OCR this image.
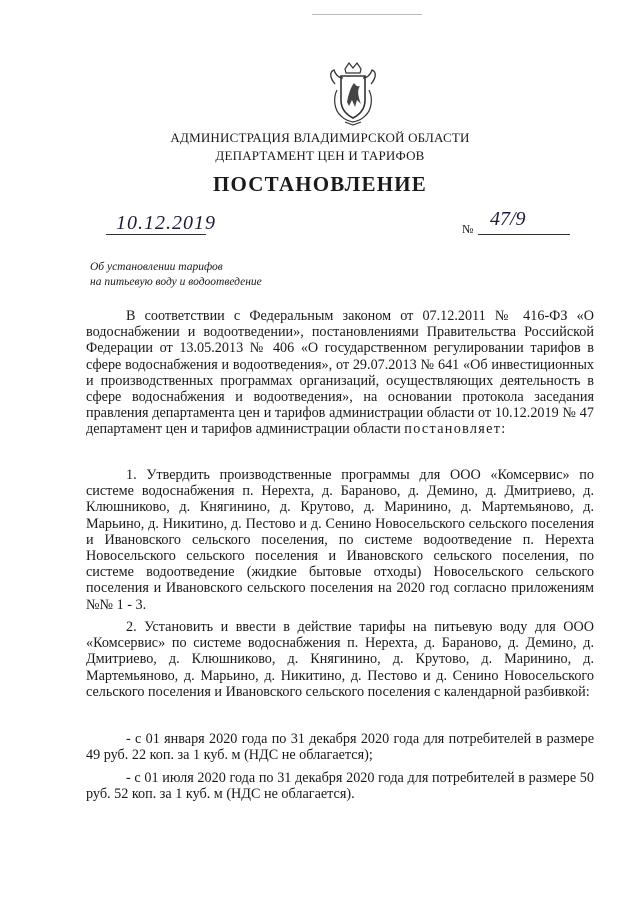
АДМИНИСТРАЦИЯ ВЛАДИМИРСКОЙ ОБЛАСТИ
ДЕПАРТАМЕНТ ЦЕН И ТАРИФОВ
ПОСТАНОВЛЕНИЕ
10.12.2019	№ 47/9
Об установлении тарифов
на питьевую воду и водоотведение
В соответствии с Федеральным законом от 07.12.2011 № 416-ФЗ «О водоснабжении и водоотведении», постановлениями Правительства Российской Федерации от 13.05.2013 № 406 «О государственном регулировании тарифов в сфере водоснабжения и водоотведения», от 29.07.2013 № 641 «Об инвестиционных и производственных программах организаций, осуществляющих деятельность в сфере водоснабжения и водоотведения», на основании протокола заседания правления департамента цен и тарифов администрации области от 10.12.2019 № 47 департамент цен и тарифов администрации области постановляет:
1. Утвердить производственные программы для ООО «Комсервис» по системе водоснабжения п. Нерехта, д. Бараново, д. Демино, д. Дмитриево, д. Клюшниково, д. Княгинино, д. Крутово, д. Маринино, д. Мартемьяново, д. Марьино, д. Никитино, д. Пестово и д. Сенино Новосельского сельского поселения и Ивановского сельского поселения, по системе водоотведение п. Нерехта Новосельского сельского поселения и Ивановского сельского поселения, по системе водоотведение (жидкие бытовые отходы) Новосельского сельского поселения и Ивановского сельского поселения на 2020 год согласно приложениям №№ 1 - 3.
2. Установить и ввести в действие тарифы на питьевую воду для ООО «Комсервис» по системе водоснабжения п. Нерехта, д. Бараново, д. Демино, д. Дмитриево, д. Клюшниково, д. Княгинино, д. Крутово, д. Маринино, д. Мартемьяново, д. Марьино, д. Никитино, д. Пестово и д. Сенино Новосельского сельского поселения и Ивановского сельского поселения с календарной разбивкой:
- с 01 января 2020 года по 31 декабря 2020 года для потребителей в размере 49 руб. 22 коп. за 1 куб. м (НДС не облагается);
- с 01 июля 2020 года по 31 декабря 2020 года для потребителей в размере 50 руб. 52 коп. за 1 куб. м (НДС не облагается).
